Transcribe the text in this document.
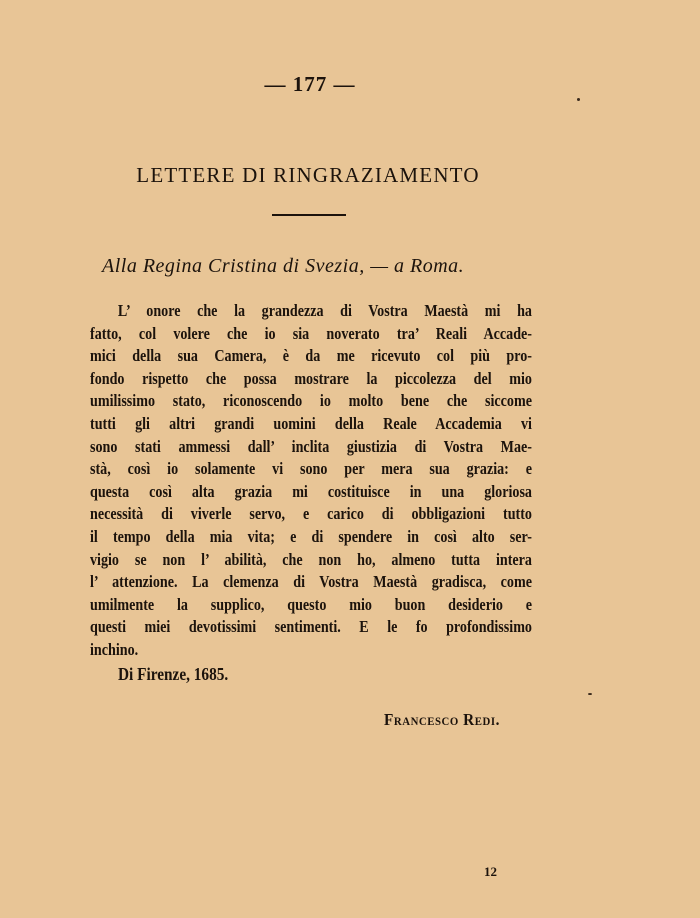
— 177 —
LETTERE DI RINGRAZIAMENTO
Alla Regina Cristina di Svezia, — a Roma.
L’ onore che la grandezza di Vostra Maestà mi ha
fatto, col volere che io sia noverato tra’ Reali Accade-
mici della sua Camera, è da me ricevuto col più pro-
fondo rispetto che possa mostrare la piccolezza del mio
umilissimo stato, riconoscendo io molto bene che siccome
tutti gli altri grandi uomini della Reale Accademia vi
sono stati ammessi dall’ inclita giustizia di Vostra Mae-
stà, così io solamente vi sono per mera sua grazia: e
questa così alta grazia mi costituisce in una gloriosa
necessità di viverle servo, e carico di obbligazioni tutto
il tempo della mia vita; e di spendere in così alto ser-
vigio se non l’ abilità, che non ho, almeno tutta intera
l’ attenzione. La clemenza di Vostra Maestà gradisca, come
umilmente la supplico, questo mio buon desiderio e
questi miei devotissimi sentimenti. E le fo profondissimo
inchino.
Di Firenze, 1685.
Francesco Redi.
12
